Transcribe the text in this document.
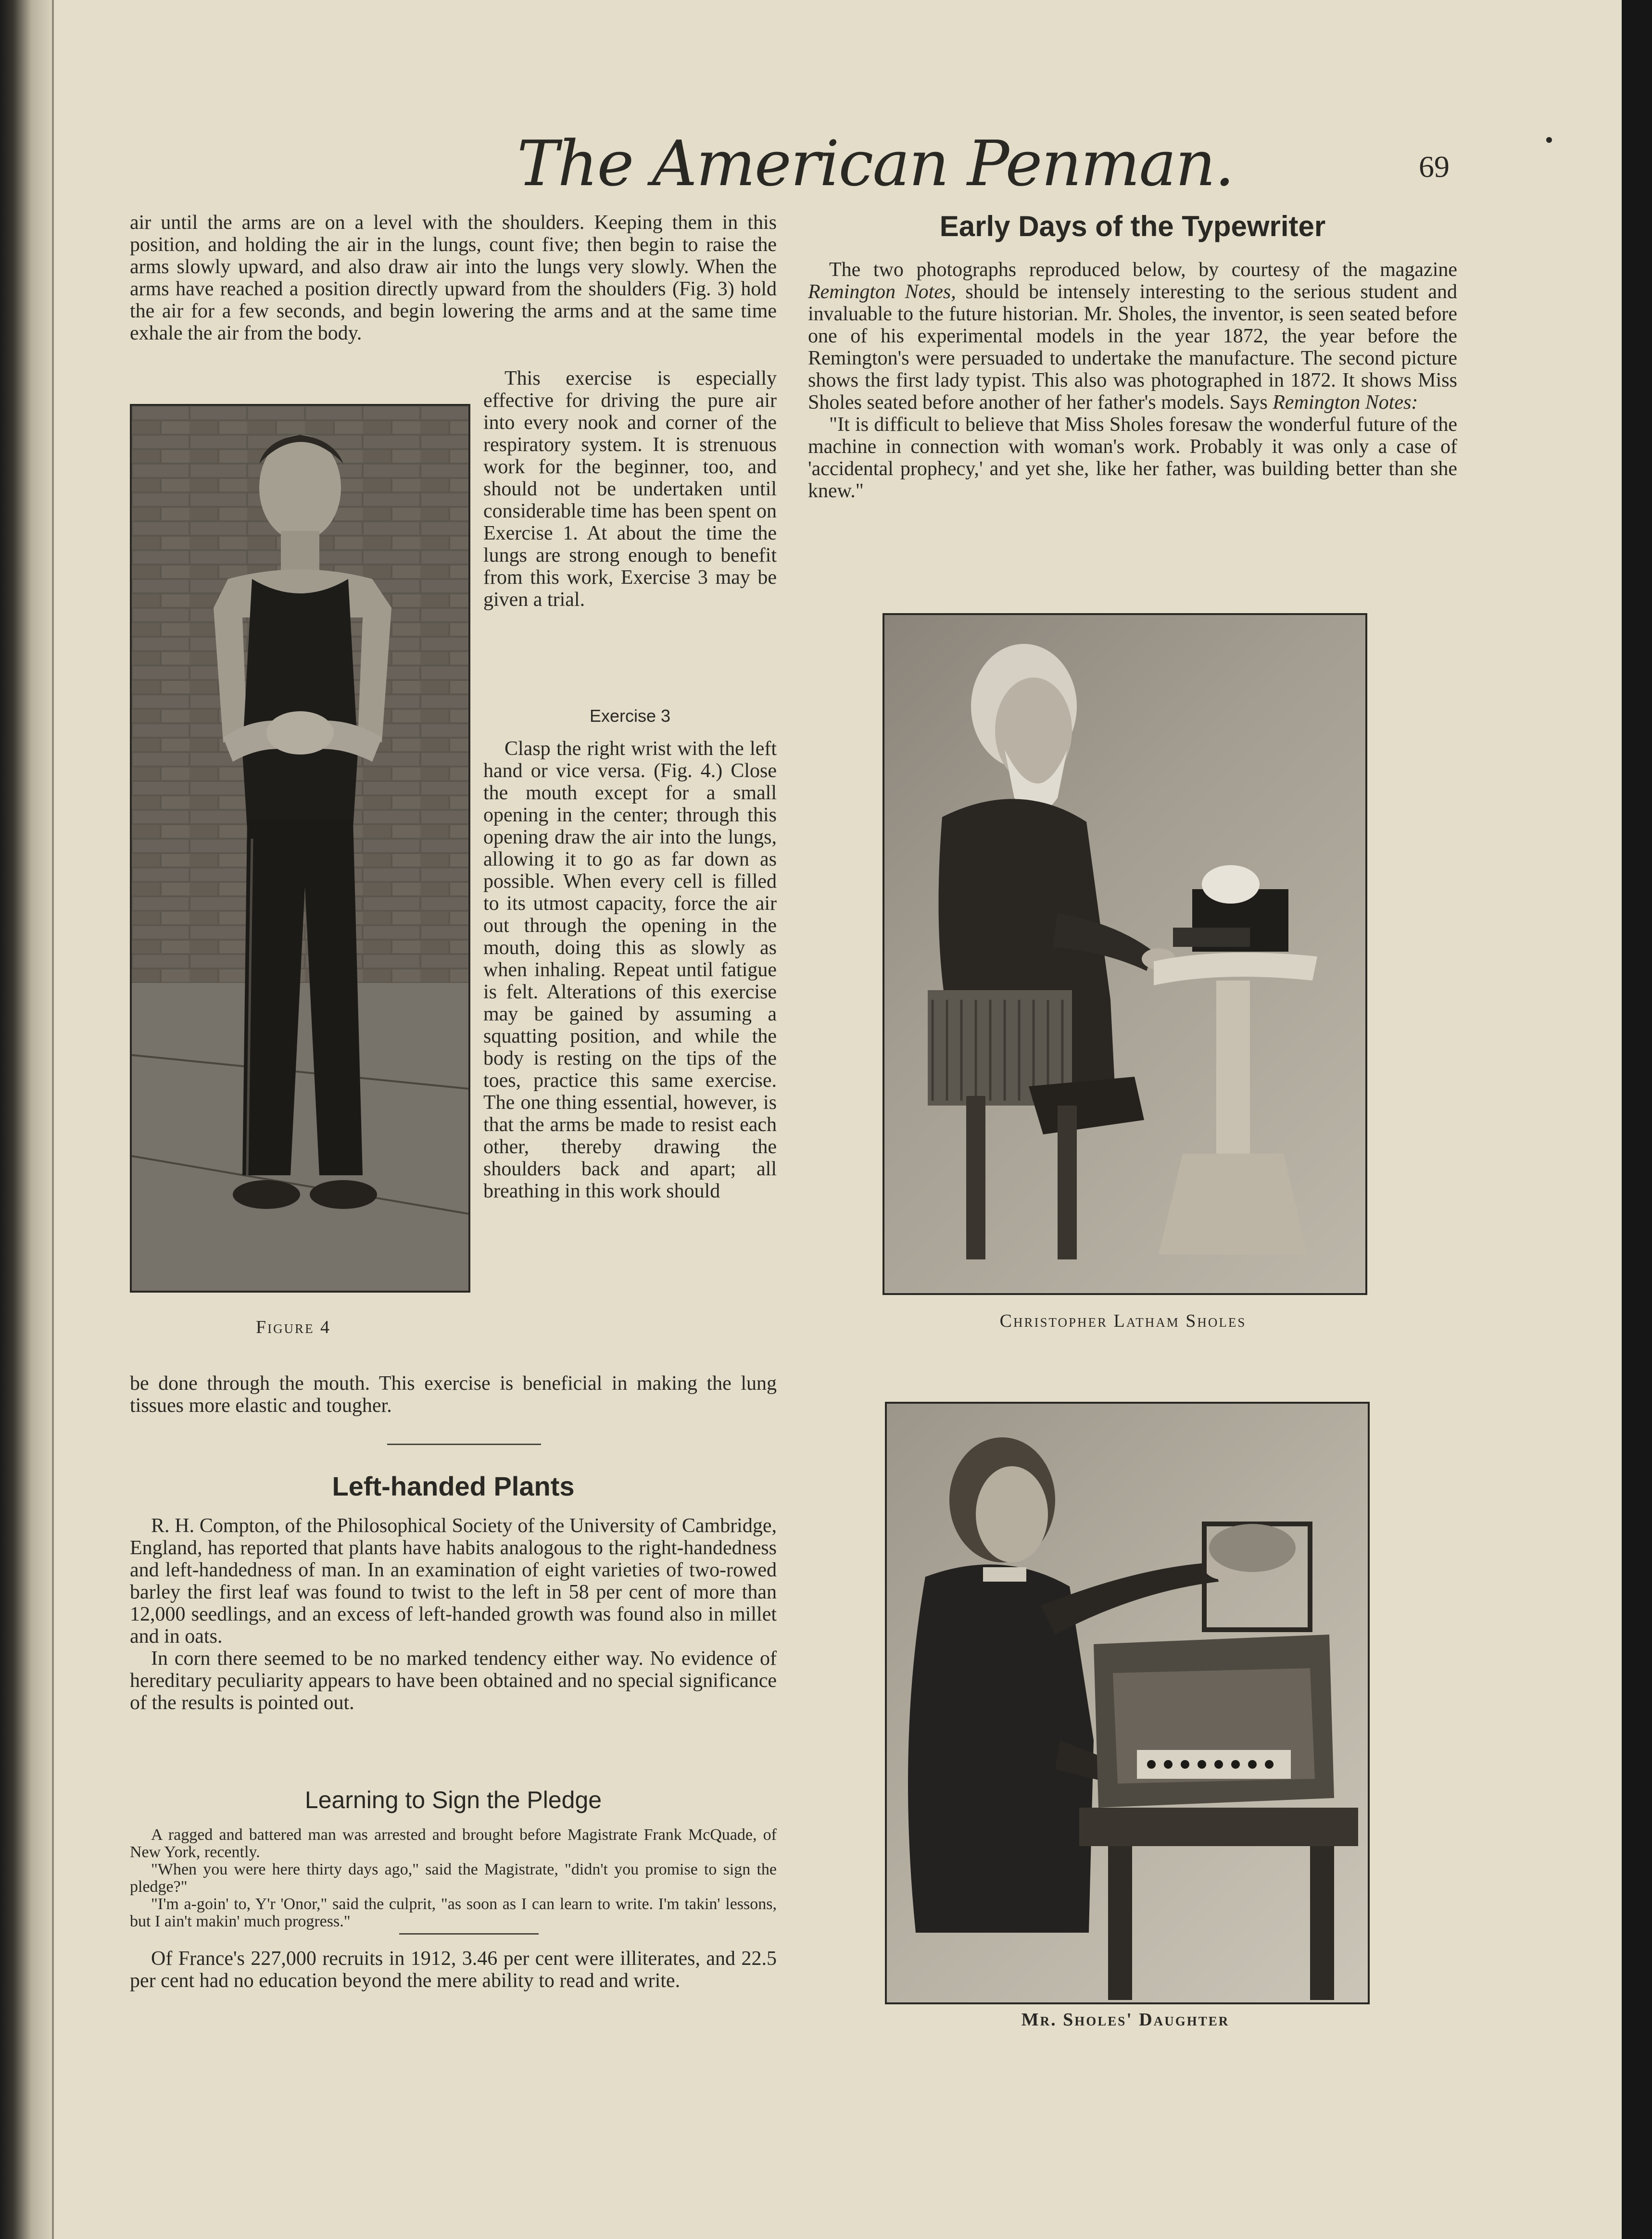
The American Penman.	69

air until the arms are on a level with the shoulders. Keeping them in this position, and holding the air in the lungs, count five; then begin to raise the arms slowly upward, and also draw air into the lungs very slowly. When the arms have reached a position directly upward from the shoulders (Fig. 3) hold the air for a few seconds, and begin lowering the arms and at the same time exhale the air from the body.

This exercise is especially effective for driving the pure air into every nook and corner of the respiratory system. It is strenuous work for the beginner, too, and should not be undertaken until considerable time has been spent on Exercise 1. At about the time the lungs are strong enough to benefit from this work, Exercise 3 may be given a trial.

Exercise 3

Clasp the right wrist with the left hand or vice versa. (Fig. 4.) Close the mouth except for a small opening in the center; through this opening draw the air into the lungs, allowing it to go as far down as possible. When every cell is filled to its utmost capacity, force the air out through the opening in the mouth, doing this as slowly as when inhaling. Repeat until fatigue is felt. Alterations of this exercise may be gained by assuming a squatting position, and while the body is resting on the tips of the toes, practice this same exercise. The one thing essential, however, is that the arms be made to resist each other, thereby drawing the shoulders back and apart; all breathing in this work should

Figure 4

be done through the mouth. This exercise is beneficial in making the lung tissues more elastic and tougher.

Left-handed Plants

R. H. Compton, of the Philosophical Society of the University of Cambridge, England, has reported that plants have habits analogous to the right-handedness and left-handedness of man. In an examination of eight varieties of two-rowed barley the first leaf was found to twist to the left in 58 per cent of more than 12,000 seedlings, and an excess of left-handed growth was found also in millet and in oats.

In corn there seemed to be no marked tendency either way. No evidence of hereditary peculiarity appears to have been obtained and no special significance of the results is pointed out.

Learning to Sign the Pledge

A ragged and battered man was arrested and brought before Magistrate Frank McQuade, of New York, recently.

"When you were here thirty days ago," said the Magistrate, "didn't you promise to sign the pledge?"

"I'm a-goin' to, Y'r 'Onor," said the culprit, "as soon as I can learn to write. I'm takin' lessons, but I ain't makin' much progress."

Of France's 227,000 recruits in 1912, 3.46 per cent were illiterates, and 22.5 per cent had no education beyond the mere ability to read and write.

Early Days of the Typewriter

The two photographs reproduced below, by courtesy of the magazine Remington Notes, should be intensely interesting to the serious student and invaluable to the future historian. Mr. Sholes, the inventor, is seen seated before one of his experimental models in the year 1872, the year before the Remington's were persuaded to undertake the manufacture. The second picture shows the first lady typist. This also was photographed in 1872. It shows Miss Sholes seated before another of her father's models. Says Remington Notes:

"It is difficult to believe that Miss Sholes foresaw the wonderful future of the machine in connection with woman's work. Probably it was only a case of 'accidental prophecy,' and yet she, like her father, was building better than she knew."

Christopher Latham Sholes
Mr. Sholes' Daughter
